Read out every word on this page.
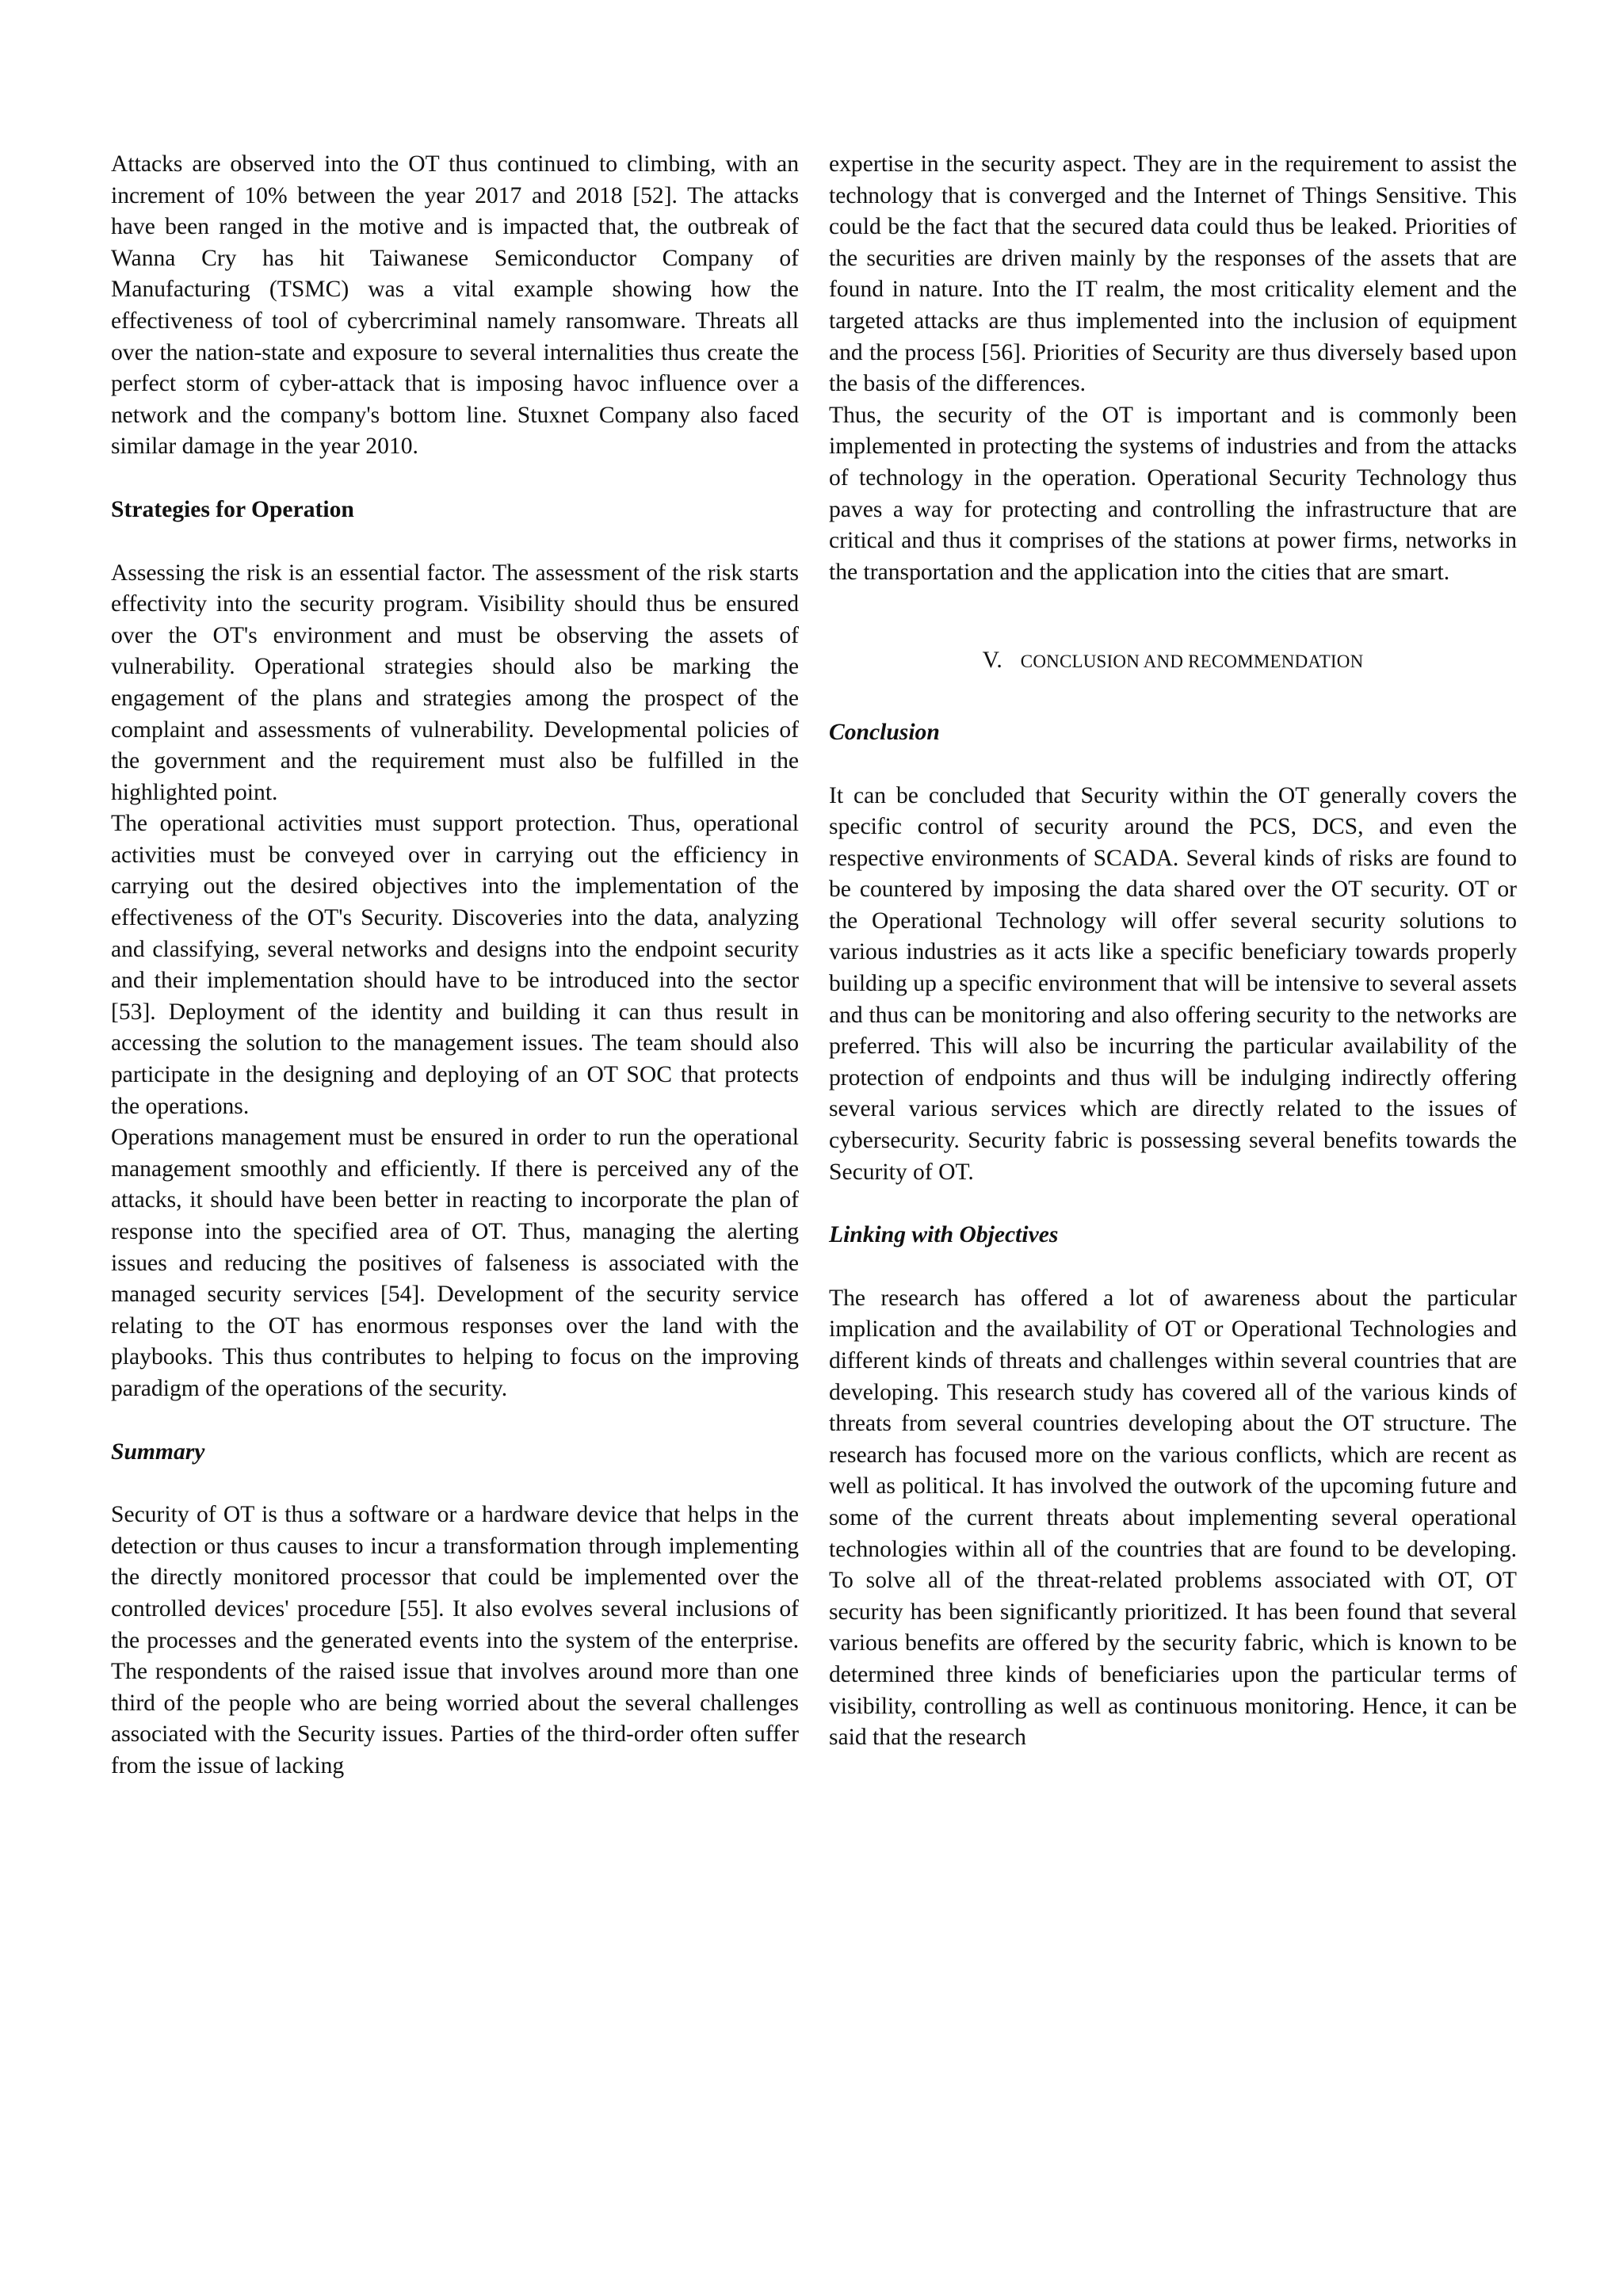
Attacks are observed into the OT thus continued to climbing, with an increment of 10% between the year 2017 and 2018 [52]. The attacks have been ranged in the motive and is impacted that, the outbreak of Wanna Cry has hit Taiwanese Semiconductor Company of Manufacturing (TSMC) was a vital example showing how the effectiveness of tool of cybercriminal namely ransomware. Threats all over the nation-state and exposure to several internalities thus create the perfect storm of cyber-attack that is imposing havoc influence over a network and the company's bottom line. Stuxnet Company also faced similar damage in the year 2010.

Strategies for Operation

Assessing the risk is an essential factor. The assessment of the risk starts effectivity into the security program. Visibility should thus be ensured over the OT's environment and must be observing the assets of vulnerability. Operational strategies should also be marking the engagement of the plans and strategies among the prospect of the complaint and assessments of vulnerability. Developmental policies of the government and the requirement must also be fulfilled in the highlighted point.

The operational activities must support protection. Thus, operational activities must be conveyed over in carrying out the efficiency in carrying out the desired objectives into the implementation of the effectiveness of the OT's Security. Discoveries into the data, analyzing and classifying, several networks and designs into the endpoint security and their implementation should have to be introduced into the sector [53]. Deployment of the identity and building it can thus result in accessing the solution to the management issues. The team should also participate in the designing and deploying of an OT SOC that protects the operations.

Operations management must be ensured in order to run the operational management smoothly and efficiently. If there is perceived any of the attacks, it should have been better in reacting to incorporate the plan of response into the specified area of OT. Thus, managing the alerting issues and reducing the positives of falseness is associated with the managed security services [54]. Development of the security service relating to the OT has enormous responses over the land with the playbooks. This thus contributes to helping to focus on the improving paradigm of the operations of the security.

Summary

Security of OT is thus a software or a hardware device that helps in the detection or thus causes to incur a transformation through implementing the directly monitored processor that could be implemented over the controlled devices' procedure [55]. It also evolves several inclusions of the processes and the generated events into the system of the enterprise. The respondents of the raised issue that involves around more than one third of the people who are being worried about the several challenges associated with the Security issues. Parties of the third-order often suffer from the issue of lacking

expertise in the security aspect. They are in the requirement to assist the technology that is converged and the Internet of Things Sensitive. This could be the fact that the secured data could thus be leaked. Priorities of the securities are driven mainly by the responses of the assets that are found in nature. Into the IT realm, the most criticality element and the targeted attacks are thus implemented into the inclusion of equipment and the process [56]. Priorities of Security are thus diversely based upon the basis of the differences.

Thus, the security of the OT is important and is commonly been implemented in protecting the systems of industries and from the attacks of technology in the operation. Operational Security Technology thus paves a way for protecting and controlling the infrastructure that are critical and thus it comprises of the stations at power firms, networks in the transportation and the application into the cities that are smart.

V. CONCLUSION AND RECOMMENDATION

Conclusion

It can be concluded that Security within the OT generally covers the specific control of security around the PCS, DCS, and even the respective environments of SCADA. Several kinds of risks are found to be countered by imposing the data shared over the OT security. OT or the Operational Technology will offer several security solutions to various industries as it acts like a specific beneficiary towards properly building up a specific environment that will be intensive to several assets and thus can be monitoring and also offering security to the networks are preferred. This will also be incurring the particular availability of the protection of endpoints and thus will be indulging indirectly offering several various services which are directly related to the issues of cybersecurity. Security fabric is possessing several benefits towards the Security of OT.

Linking with Objectives

The research has offered a lot of awareness about the particular implication and the availability of OT or Operational Technologies and different kinds of threats and challenges within several countries that are developing. This research study has covered all of the various kinds of threats from several countries developing about the OT structure. The research has focused more on the various conflicts, which are recent as well as political. It has involved the outwork of the upcoming future and some of the current threats about implementing several operational technologies within all of the countries that are found to be developing. To solve all of the threat-related problems associated with OT, OT security has been significantly prioritized. It has been found that several various benefits are offered by the security fabric, which is known to be determined three kinds of beneficiaries upon the particular terms of visibility, controlling as well as continuous monitoring. Hence, it can be said that the research
